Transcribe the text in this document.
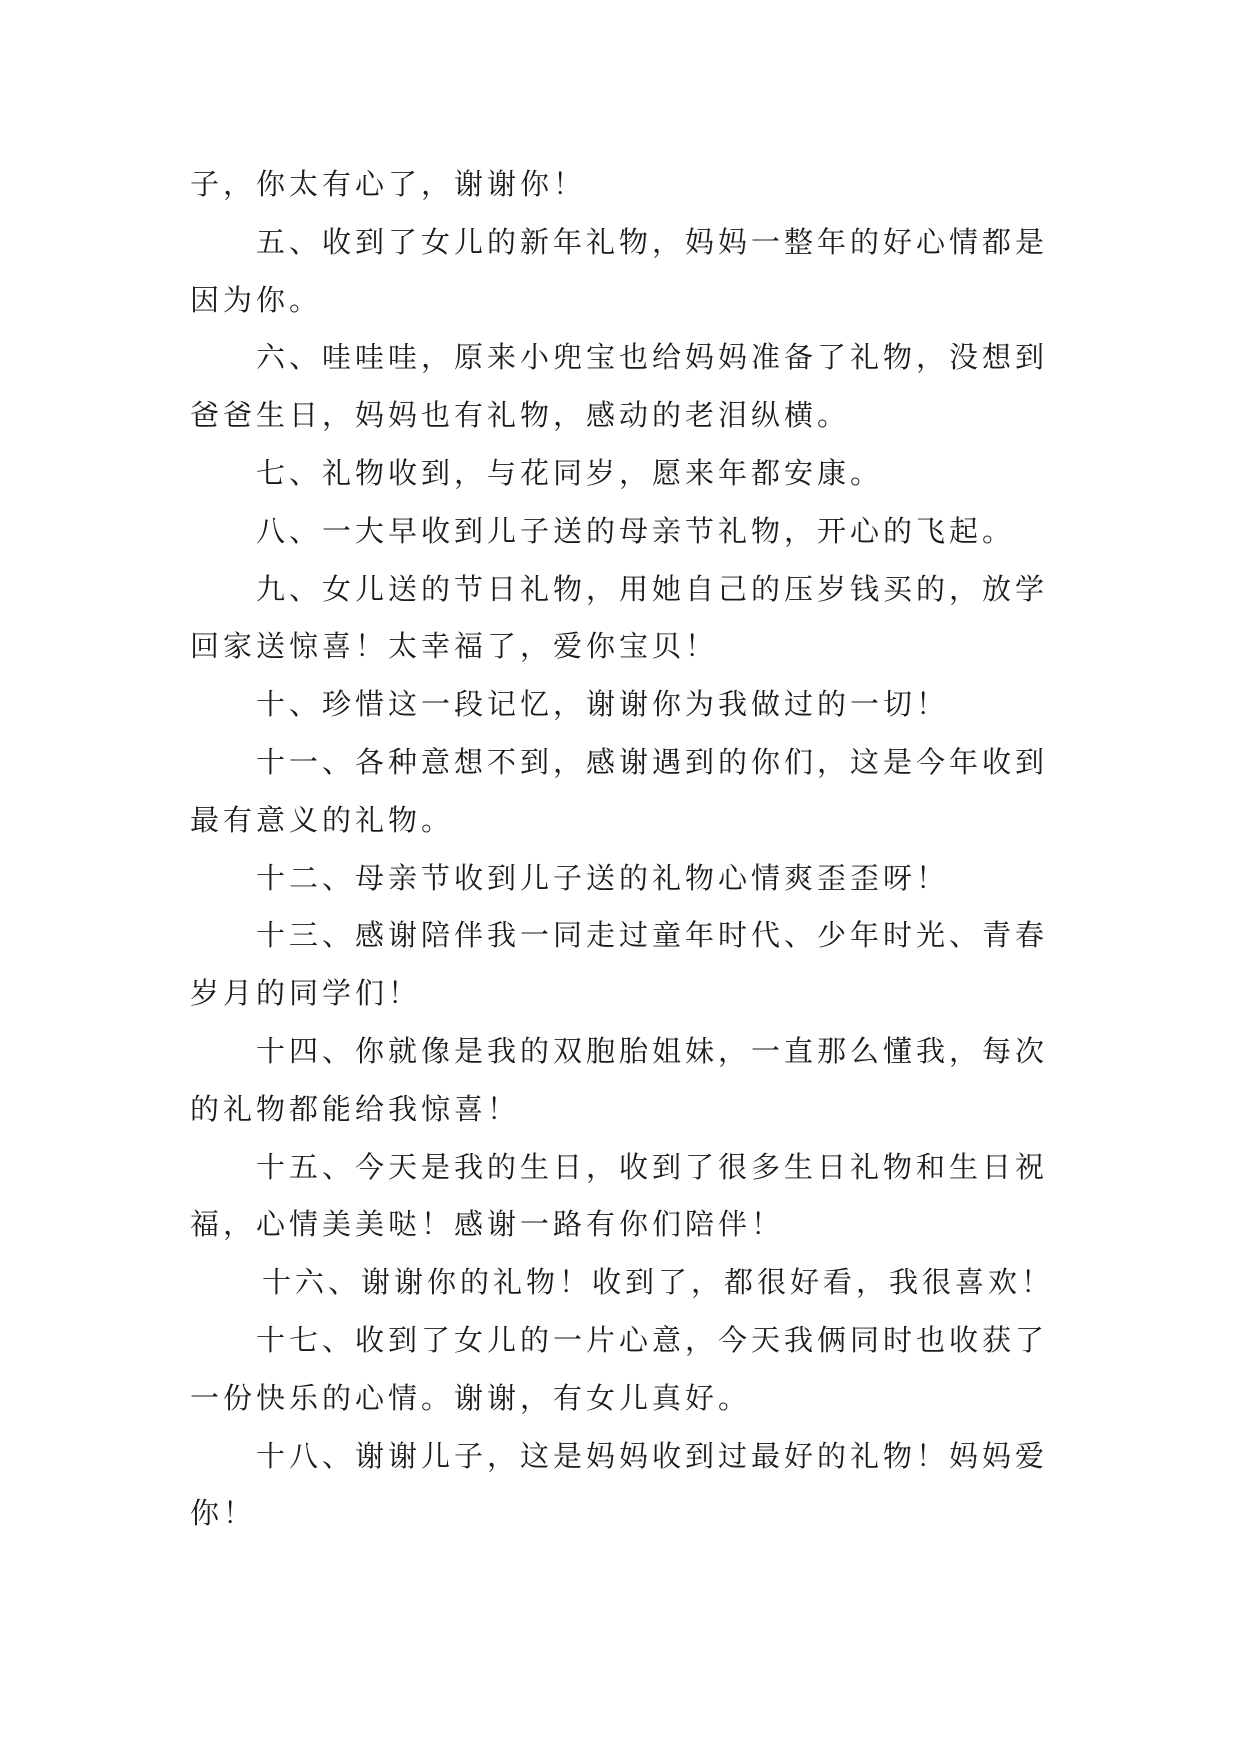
子，你太有心了，谢谢你！
五、收到了女儿的新年礼物，妈妈一整年的好心情都是
因为你。
六、哇哇哇，原来小兜宝也给妈妈准备了礼物，没想到
爸爸生日，妈妈也有礼物，感动的老泪纵横。
七、礼物收到，与花同岁，愿来年都安康。
八、一大早收到儿子送的母亲节礼物，开心的飞起。
九、女儿送的节日礼物，用她自己的压岁钱买的，放学
回家送惊喜！太幸福了，爱你宝贝！
十、珍惜这一段记忆，谢谢你为我做过的一切！
十一、各种意想不到，感谢遇到的你们，这是今年收到
最有意义的礼物。
十二、母亲节收到儿子送的礼物心情爽歪歪呀！
十三、感谢陪伴我一同走过童年时代、少年时光、青春
岁月的同学们！
十四、你就像是我的双胞胎姐妹，一直那么懂我，每次
的礼物都能给我惊喜！
十五、今天是我的生日，收到了很多生日礼物和生日祝
福，心情美美哒！感谢一路有你们陪伴！
十六、谢谢你的礼物！收到了，都很好看，我很喜欢！
十七、收到了女儿的一片心意，今天我俩同时也收获了
一份快乐的心情。谢谢，有女儿真好。
十八、谢谢儿子，这是妈妈收到过最好的礼物！妈妈爱
你！
